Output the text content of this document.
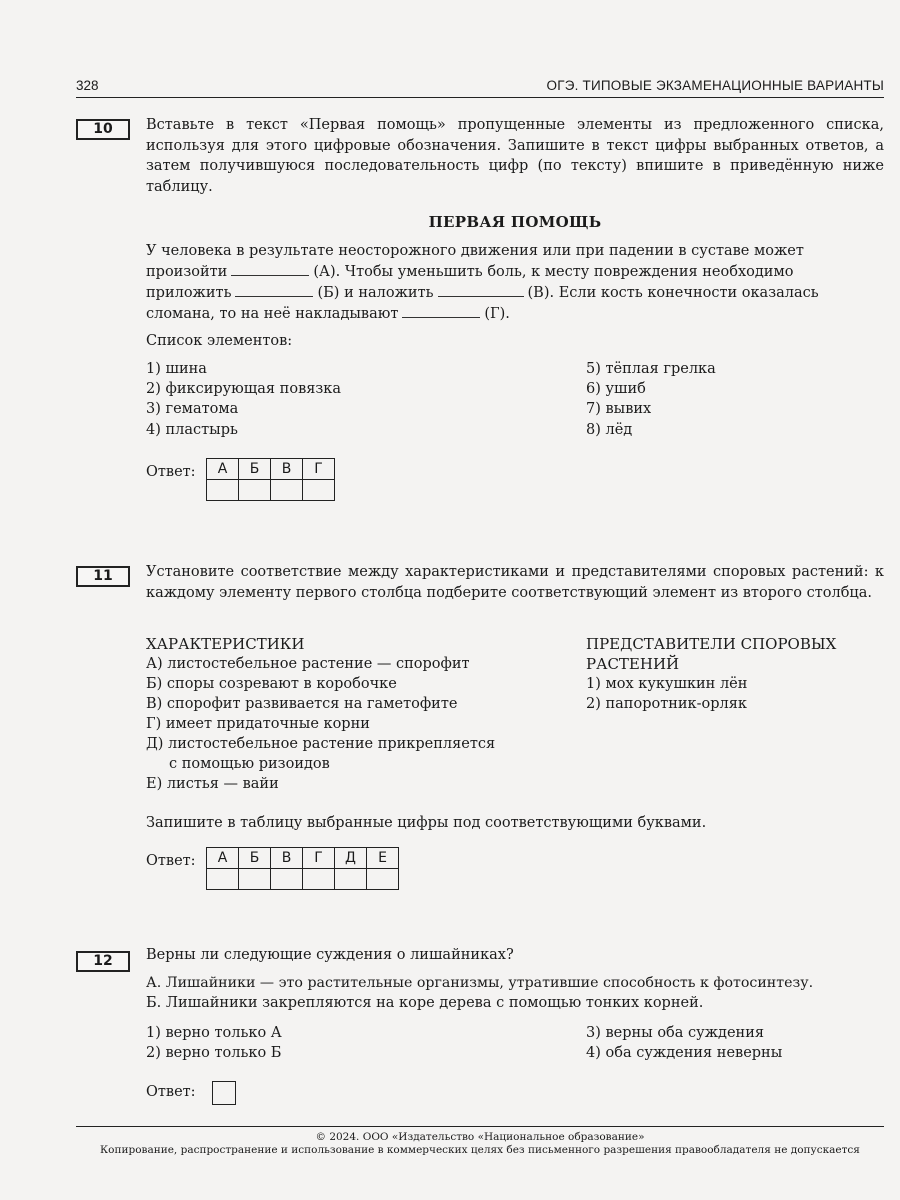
328	ОГЭ. ТИПОВЫЕ ЭКЗАМЕНАЦИОННЫЕ ВАРИАНТЫ
10	Вставьте в текст «Первая помощь» пропущенные элементы из предложенного списка, используя для этого цифровые обозначения. Запишите в текст цифры выбранных ответов, а затем получившуюся последовательность цифр (по тексту) впишите в приведённую ниже таблицу.
ПЕРВАЯ ПОМОЩЬ
У человека в результате неосторожного движения или при падении в суставе может
произойти	(А). Чтобы уменьшить боль, к месту повреждения необходимо
приложить	(Б) и наложить	(В). Если кость конечности оказалась
сломана, то на неё накладывают	(Г).
Список элементов:
1) шина
2) фиксирующая повязка
3) гематома
4) пластырь
5) тёплая грелка
6) ушиб
7) вывих
8) лёд
Ответ: А	Б	В	Г

11	Установите соответствие между характеристиками и представителями споровых растений: к каждому элементу первого столбца подберите соответствующий элемент из второго столбца.
ХАРАКТЕРИСТИКИ
А) листостебельное растение — спорофит
Б) споры созревают в коробочке
В) спорофит развивается на гаметофите
Г) имеет придаточные корни
Д) листостебельное растение прикрепляется
с помощью ризоидов
Е) листья — вайи
ПРЕДСТАВИТЕЛИ СПОРОВЫХ
РАСТЕНИЙ
1) мох кукушкин лён
2) папоротник-орляк
Запишите в таблицу выбранные цифры под соответствующими буквами.
Ответ: А	Б	В	Г	Д	Е

12	Верны ли следующие суждения о лишайниках?
А. Лишайники — это растительные организмы, утратившие способность к фотосинтезу.
Б. Лишайники закрепляются на коре дерева с помощью тонких корней.
1) верно только А
2) верно только Б
3) верны оба суждения
4) оба суждения неверны
Ответ:
© 2024. ООО «Издательство «Национальное образование»
Копирование, распространение и использование в коммерческих целях без письменного разрешения правообладателя не допускается
